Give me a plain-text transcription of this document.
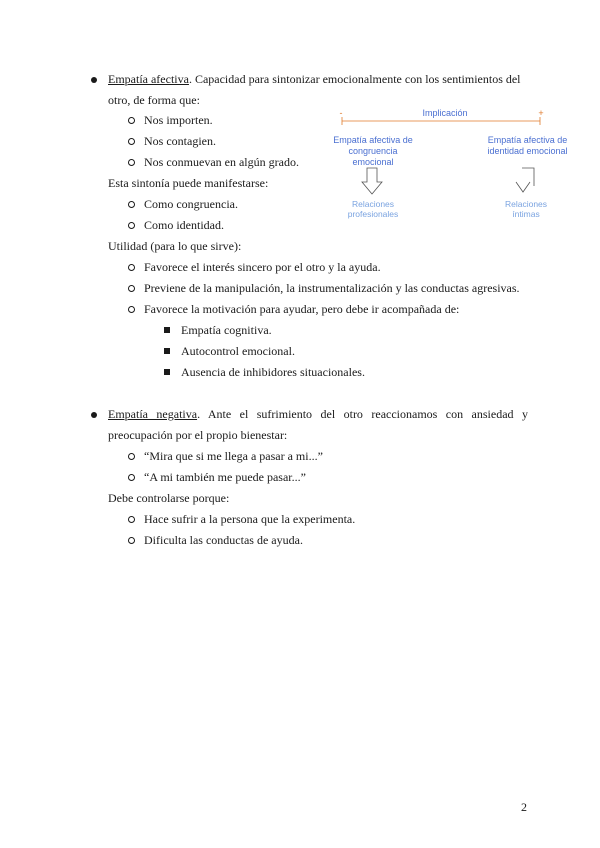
Empatía afectiva. Capacidad para sintonizar emocionalmente con los sentimientos del
otro, de forma que:
Nos importen.
Nos contagien.
Nos conmuevan en algún grado.
Esta sintonía puede manifestarse:
Como congruencia.
Como identidad.
Utilidad (para lo que sirve):
Favorece el interés sincero por el otro y la ayuda.
Previene de la manipulación, la instrumentalización y las conductas agresivas.
Favorece la motivación para ayudar, pero debe ir acompañada de:
Empatía cognitiva.
Autocontrol emocional.
Ausencia de inhibidores situacionales.
-	+
Implicación
Empatía afectiva de congruencia emocional
Empatía afectiva de identidad emocional
Relaciones profesionales
Relaciones íntimas
Empatía negativa. Ante el sufrimiento del otro reaccionamos con ansiedad y
preocupación por el propio bienestar:
“Mira que si me llega a pasar a mi...”
“A mi también me puede pasar...”
Debe controlarse porque:
Hace sufrir a la persona que la experimenta.
Dificulta las conductas de ayuda.
2
